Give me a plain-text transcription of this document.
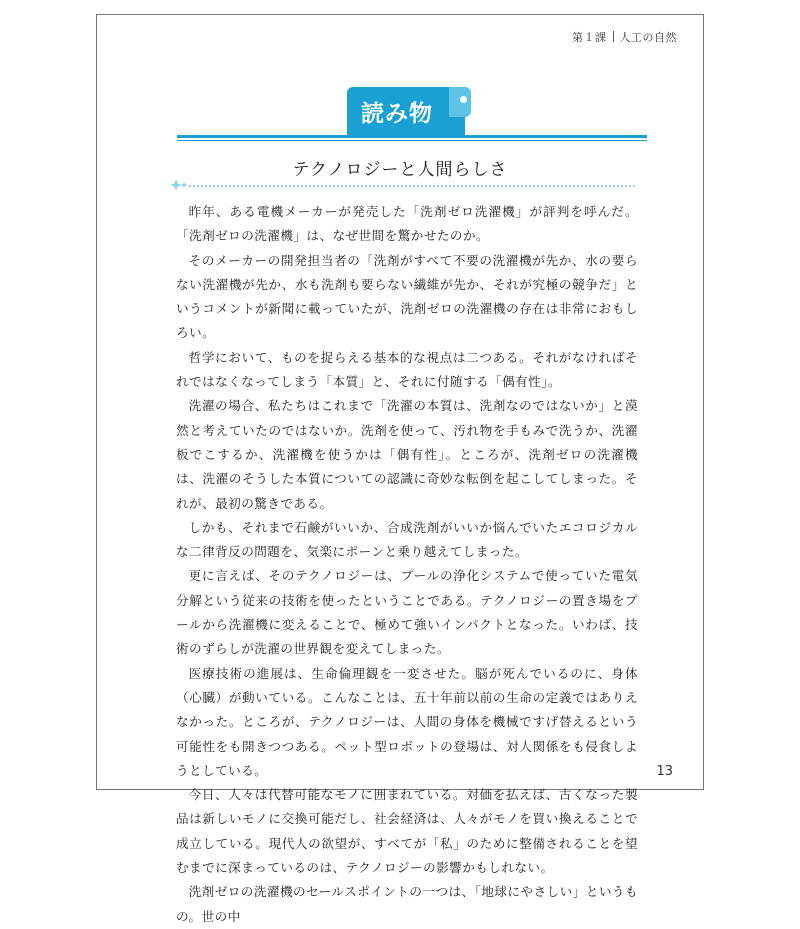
第１課 人工の自然
読み物
テクノロジーと人間らしさ

昨年、ある電機メーカーが発売した「洗剤ゼロ洗濯機」が評判を呼んだ。「洗剤ゼロの洗濯機」は、なぜ世間を驚かせたのか。

そのメーカーの開発担当者の「洗剤がすべて不要の洗濯機が先か、水の要らない洗濯機が先か、水も洗剤も要らない繊維が先か、それが究極の競争だ」というコメントが新聞に載っていたが、洗剤ゼロの洗濯機の存在は非常におもしろい。

哲学において、ものを捉らえる基本的な視点は二つある。それがなければそれではなくなってしまう「本質」と、それに付随する「偶有性」。

洗濯の場合、私たちはこれまで「洗濯の本質は、洗剤なのではないか」と漠然と考えていたのではないか。洗剤を使って、汚れ物を手もみで洗うか、洗濯板でこするか、洗濯機を使うかは「偶有性」。ところが、洗剤ゼロの洗濯機は、洗濯のそうした本質についての認識に奇妙な転倒を起こしてしまった。それが、最初の驚きである。

しかも、それまで石鹸がいいか、合成洗剤がいいか悩んでいたエコロジカルな二律背反の問題を、気楽にポーンと乗り越えてしまった。

更に言えば、そのテクノロジーは、プールの浄化システムで使っていた電気分解という従来の技術を使ったということである。テクノロジーの置き場をプールから洗濯機に変えることで、極めて強いインパクトとなった。いわば、技術のずらしが洗濯の世界観を変えてしまった。

医療技術の進展は、生命倫理観を一変させた。脳が死んでいるのに、身体（心臓）が動いている。こんなことは、五十年前以前の生命の定義ではありえなかった。ところが、テクノロジーは、人間の身体を機械ですげ替えるという可能性をも開きつつある。ペット型ロボットの登場は、対人関係をも侵食しようとしている。

今日、人々は代替可能なモノに囲まれている。対価を払えば、古くなった製品は新しいモノに交換可能だし、社会経済は、人々がモノを買い換えることで成立している。現代人の欲望が、すべてが「私」のために整備されることを望むまでに深まっているのは、テクノロジーの影響かもしれない。

洗剤ゼロの洗濯機のセールスポイントの一つは、「地球にやさしい」というもの。世の中

13
